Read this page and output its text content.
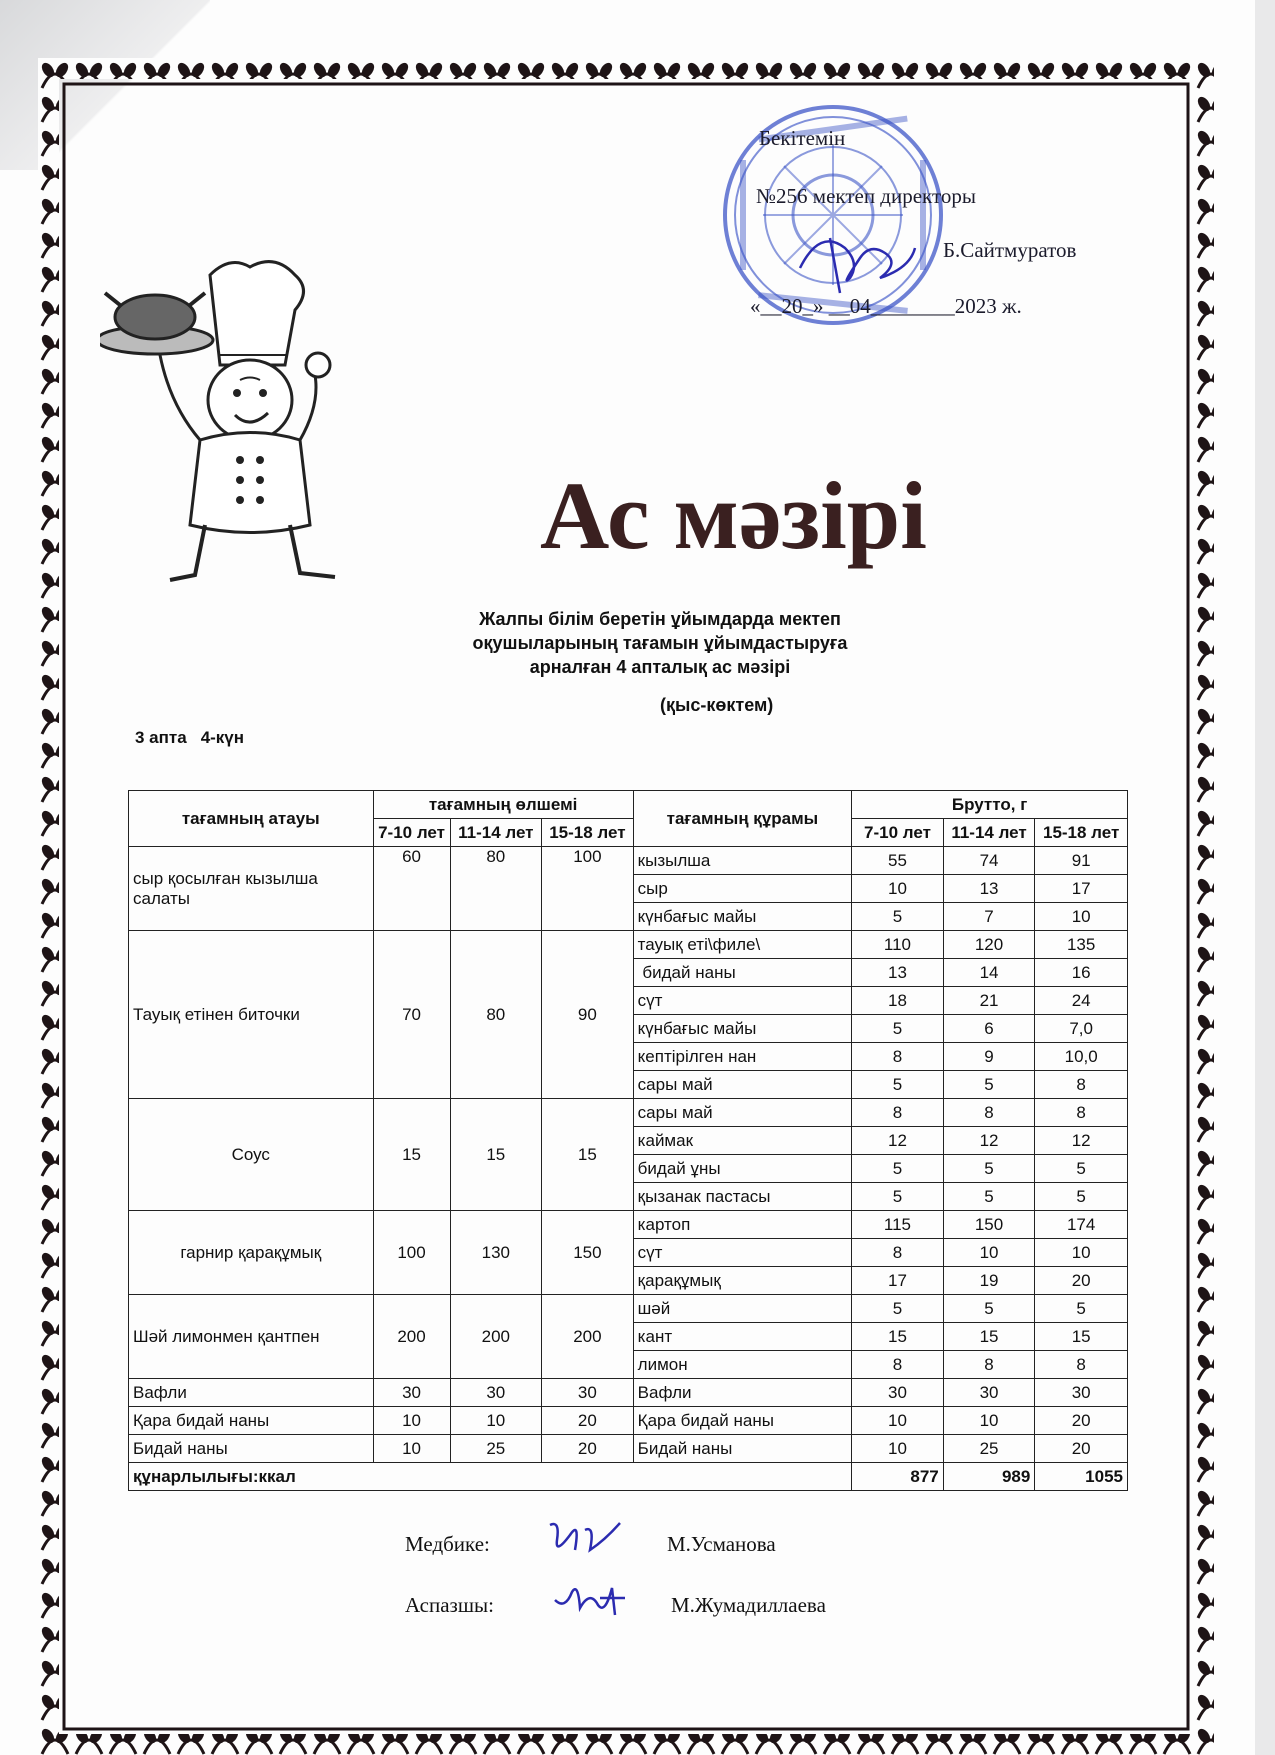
Бекітемін
№256 мектеп директоры
Б.Сайтмуратов
«__20_» __04________2023 ж.
Ас мәзірі
Жалпы білім беретін ұйымдарда мектеп
оқушыларының тағамын ұйымдастыруға
арналған 4 апталық ас мәзірі
(қыс-көктем)
3 апта 4-күн
тағамның атауы	тағамның өлшемі			тағамның құрамы	Брутто, г		
	7-10 лет	11-14 лет	15-18 лет		7-10 лет	11-14 лет	15-18 лет
сыр қосылған кызылша салаты	60	80	100	кызылша	55	74	91
				сыр	10	13	17
				күнбағыс майы	5	7	10
Тауық етінен биточки	70	80	90	тауық еті\филе\	110	120	135
				бидай наны	13	14	16
				сүт	18	21	24
				күнбағыс майы	5	6	7,0
				кептірілген нан	8	9	10,0
				сары май	5	5	8
Соус	15	15	15	сары май	8	8	8
				каймак	12	12	12
				бидай ұны	5	5	5
				қызанак пастасы	5	5	5
гарнир қарақұмық	100	130	150	картоп	115	150	174
				сүт	8	10	10
				қарақұмық	17	19	20
Шәй лимонмен қантпен	200	200	200	шәй	5	5	5
				кант	15	15	15
				лимон	8	8	8
Вафли	30	30	30	Вафли	30	30	30
Қара бидай наны	10	10	20	Қара бидай наны	10	10	20
Бидай наны	10	25	20	Бидай наны	10	25	20
құнарлылығы:ккал					877	989	1055
Медбике:	М.Усманова
Аспазшы:	М.Жумадиллаева
